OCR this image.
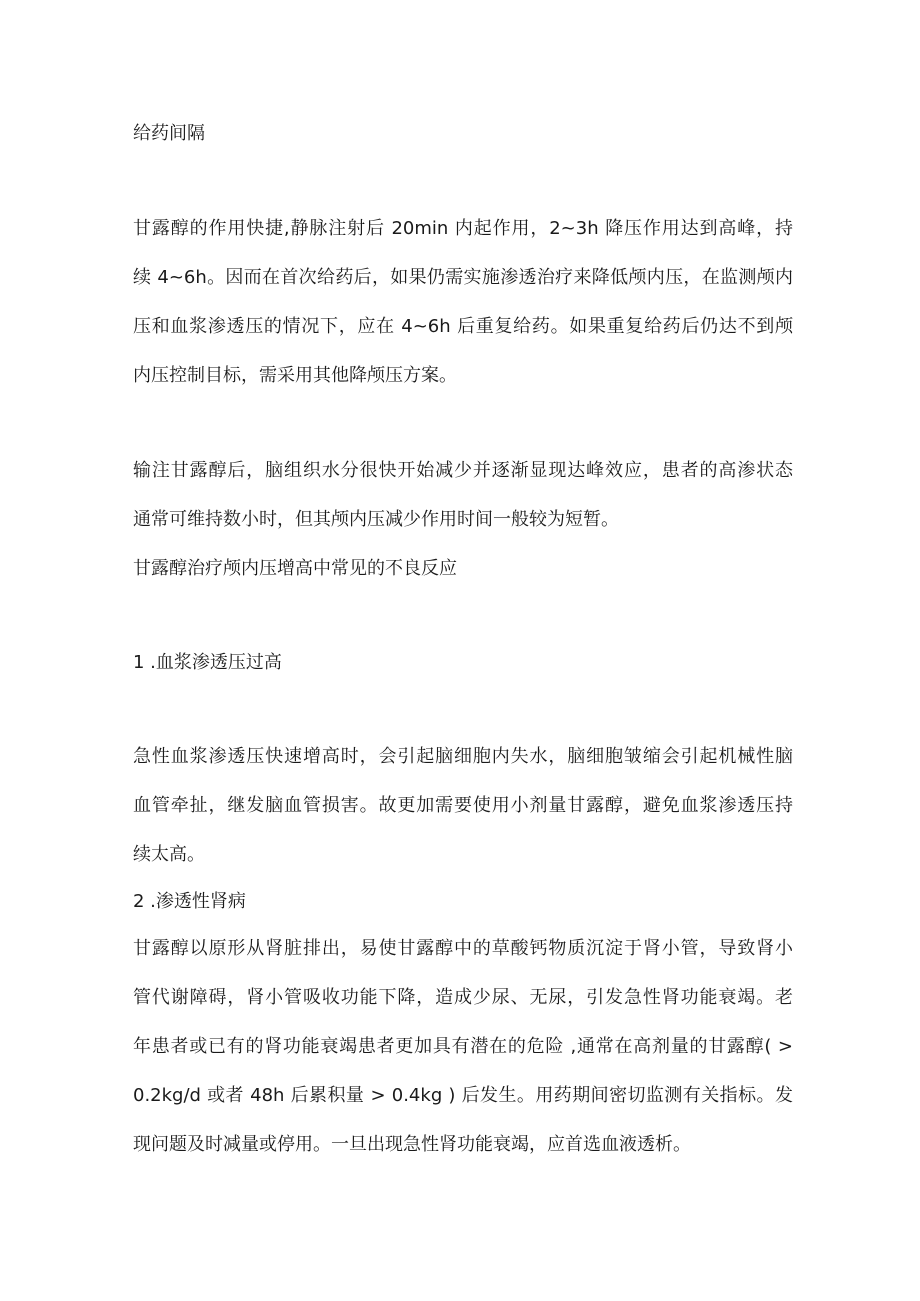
给药间隔
甘露醇的作用快捷,静脉注射后 20min 内起作用，2~3h 降压作用达到高峰，持
续 4~6h。因而在首次给药后，如果仍需实施渗透治疗来降低颅内压，在监测颅内
压和血浆渗透压的情况下，应在 4~6h 后重复给药。如果重复给药后仍达不到颅
内压控制目标，需采用其他降颅压方案。
输注甘露醇后，脑组织水分很快开始减少并逐渐显现达峰效应，患者的高渗状态
通常可维持数小时，但其颅内压减少作用时间一般较为短暂。
甘露醇治疗颅内压增高中常见的不良反应
1 .血浆渗透压过高
急性血浆渗透压快速增高时，会引起脑细胞内失水，脑细胞皱缩会引起机械性脑
血管牵扯，继发脑血管损害。故更加需要使用小剂量甘露醇，避免血浆渗透压持
续太高。
2 .渗透性肾病
甘露醇以原形从肾脏排出，易使甘露醇中的草酸钙物质沉淀于肾小管，导致肾小
管代谢障碍，肾小管吸收功能下降，造成少尿、无尿，引发急性肾功能衰竭。老
年患者或已有的肾功能衰竭患者更加具有潜在的危险 ,通常在高剂量的甘露醇( >
0.2kg/d 或者 48h 后累积量 > 0.4kg ) 后发生。用药期间密切监测有关指标。发
现问题及时减量或停用。一旦出现急性肾功能衰竭，应首选血液透析。
